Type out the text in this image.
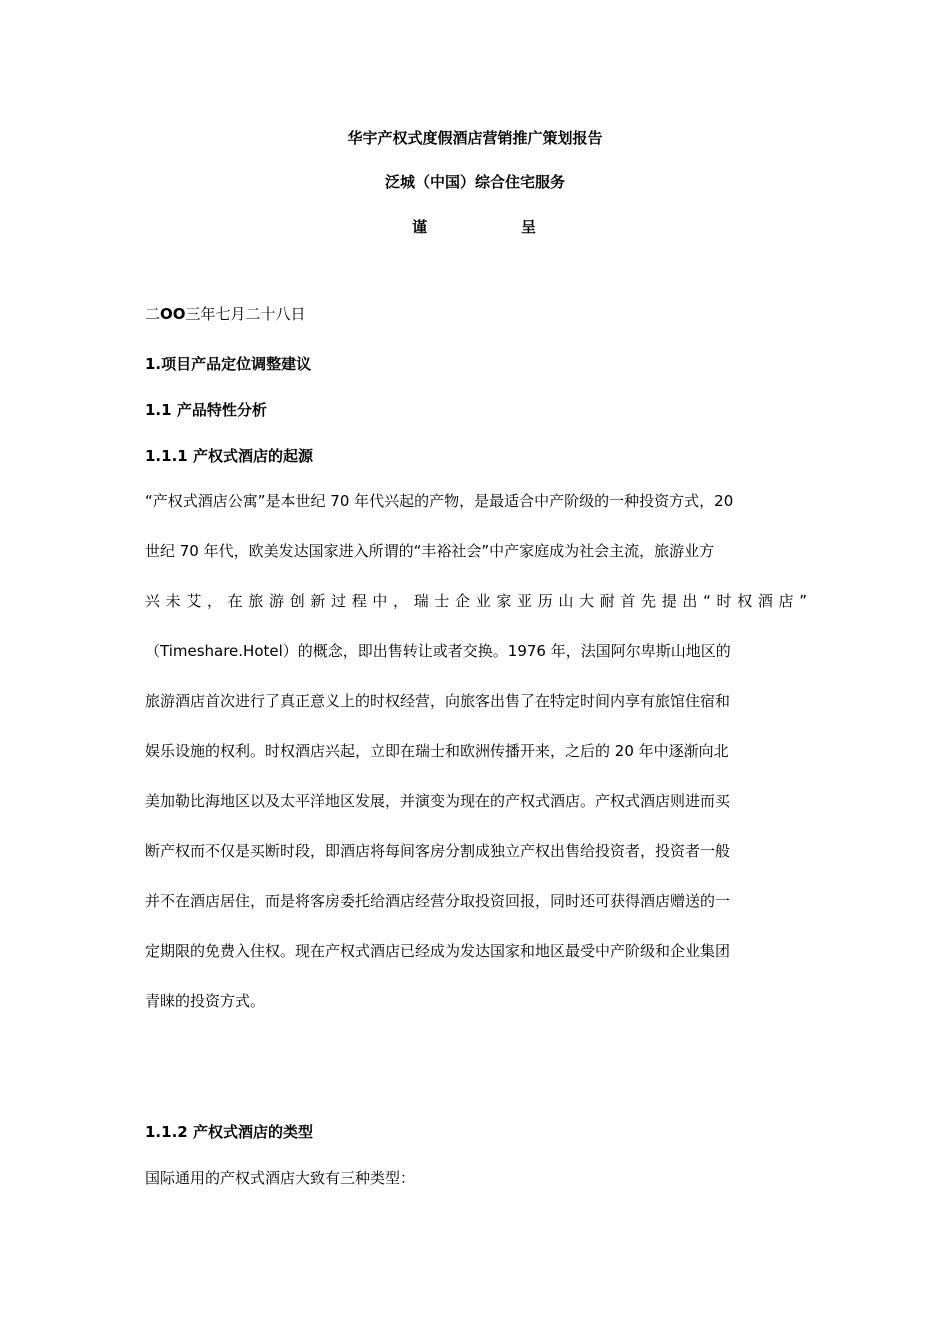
华宇产权式度假酒店营销推广策划报告
泛城（中国）综合住宅服务
谨	呈
二OO三年七月二十八日
1.项目产品定位调整建议
1.1 产品特性分析
1.1.1 产权式酒店的起源
“产权式酒店公寓”是本世纪 70 年代兴起的产物，是最适合中产阶级的一种投资方式，20
世纪 70 年代，欧美发达国家进入所谓的“丰裕社会”中产家庭成为社会主流，旅游业方
兴未艾，在旅游创新过程中，瑞士企业家亚历山大耐首先提出“时权酒店”
（Timeshare.Hotel）的概念，即出售转让或者交换。1976 年，法国阿尔卑斯山地区的
旅游酒店首次进行了真正意义上的时权经营，向旅客出售了在特定时间内享有旅馆住宿和
娱乐设施的权利。时权酒店兴起，立即在瑞士和欧洲传播开来，之后的 20 年中逐渐向北
美加勒比海地区以及太平洋地区发展，并演变为现在的产权式酒店。产权式酒店则进而买
断产权而不仅是买断时段，即酒店将每间客房分割成独立产权出售给投资者，投资者一般
并不在酒店居住，而是将客房委托给酒店经营分取投资回报，同时还可获得酒店赠送的一
定期限的免费入住权。现在产权式酒店已经成为发达国家和地区最受中产阶级和企业集团
青睐的投资方式。
1.1.2 产权式酒店的类型
国际通用的产权式酒店大致有三种类型：
